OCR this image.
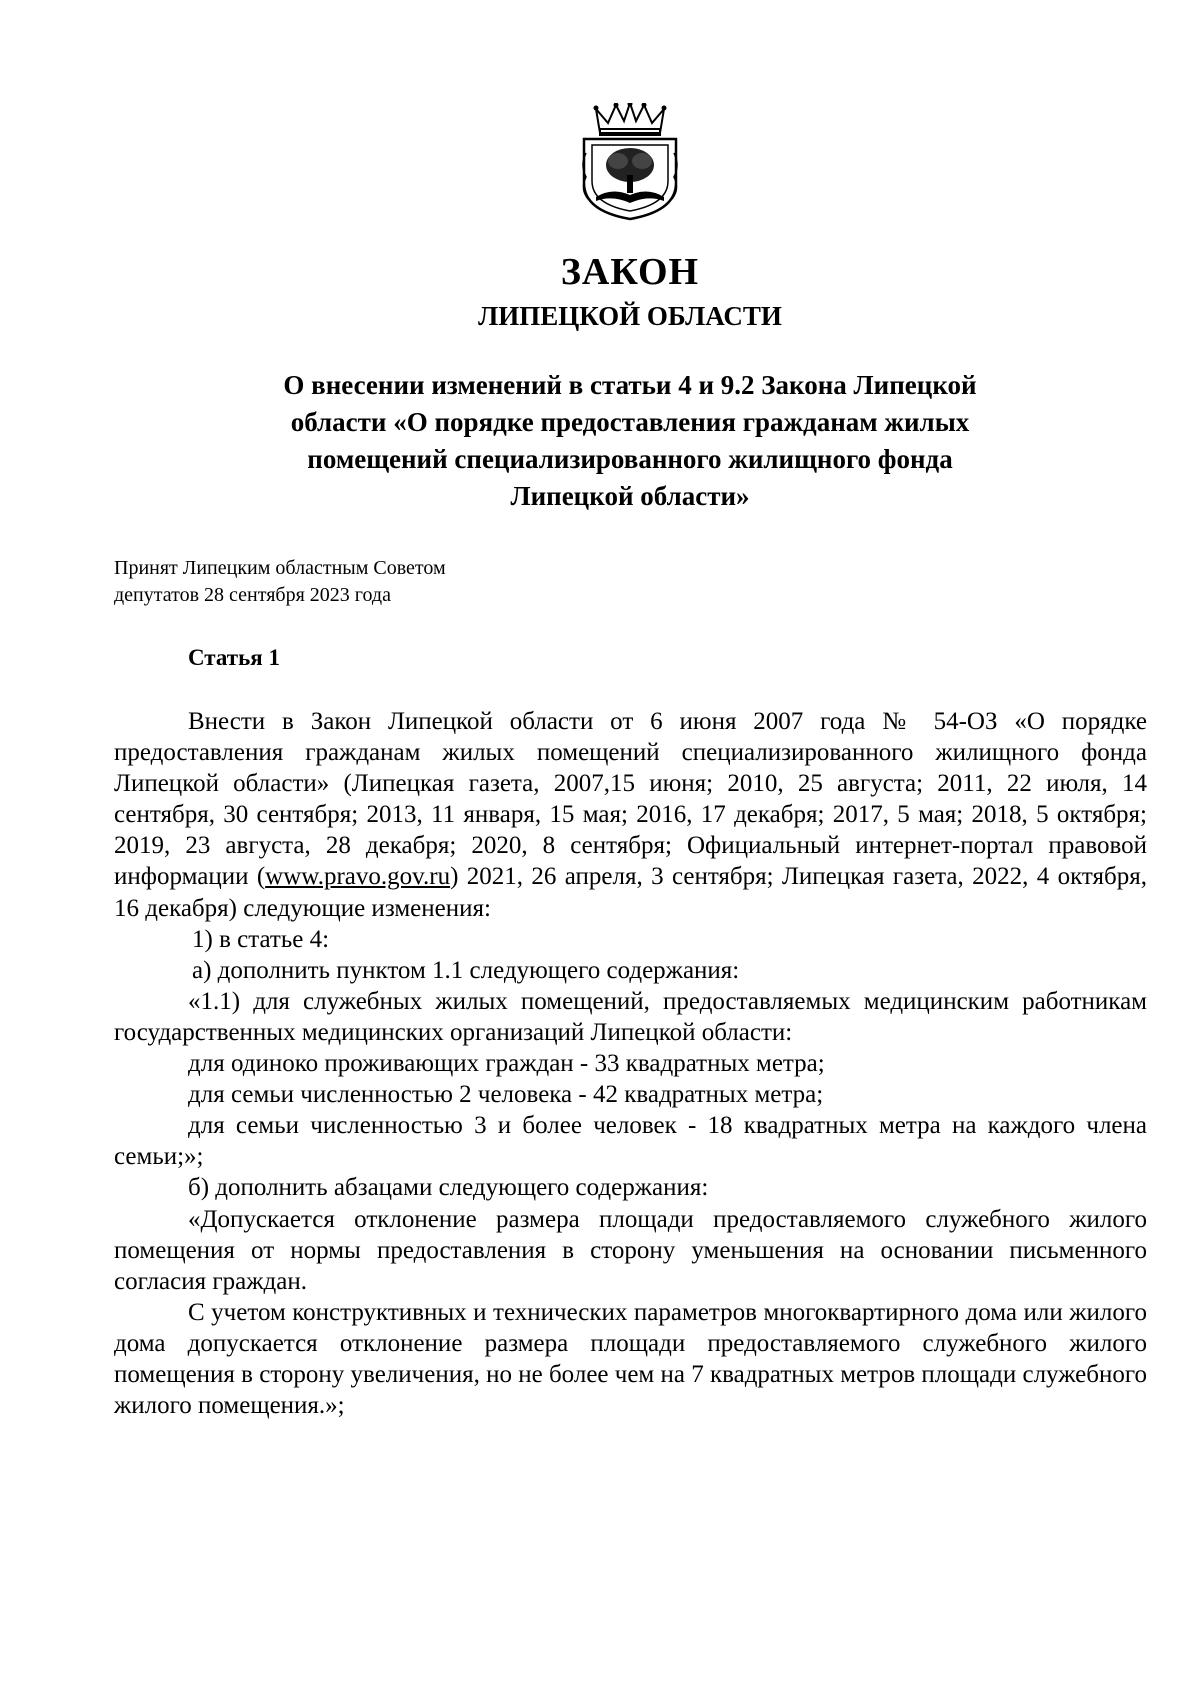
ЗАКОН
ЛИПЕЦКОЙ ОБЛАСТИ
О внесении изменений в статьи 4 и 9.2 Закона Липецкой
области «О порядке предоставления гражданам жилых
помещений специализированного жилищного фонда
Липецкой области»
Принят Липецким областным Советом
депутатов 28 сентября 2023 года
Статья 1

Внести в Закон Липецкой области от 6 июня 2007 года № 54-ОЗ «О порядке предоставления гражданам жилых помещений специализированного жилищного фонда Липецкой области» (Липецкая газета, 2007,15 июня; 2010, 25 августа; 2011, 22 июля, 14 сентября, 30 сентября; 2013, 11 января, 15 мая; 2016, 17 декабря; 2017, 5 мая; 2018, 5 октября; 2019, 23 августа, 28 декабря; 2020, 8 сентября; Официальный интернет-портал правовой информации (www.pravo.gov.ru) 2021, 26 апреля, 3 сентября; Липецкая газета, 2022, 4 октября, 16 декабря) следующие изменения:

1) в статье 4:

а) дополнить пунктом 1.1 следующего содержания:

«1.1) для служебных жилых помещений, предоставляемых медицинским работникам государственных медицинских организаций Липецкой области:

для одиноко проживающих граждан - 33 квадратных метра;

для семьи численностью 2 человека - 42 квадратных метра;

для семьи численностью 3 и более человек - 18 квадратных метра на каждого члена семьи;»;

б) дополнить абзацами следующего содержания:

«Допускается отклонение размера площади предоставляемого служебного жилого помещения от нормы предоставления в сторону уменьшения на основании письменного согласия граждан.

С учетом конструктивных и технических параметров многоквартирного дома или жилого дома допускается отклонение размера площади предоставляемого служебного жилого помещения в сторону увеличения, но не более чем на 7 квадратных метров площади служебного жилого помещения.»;
